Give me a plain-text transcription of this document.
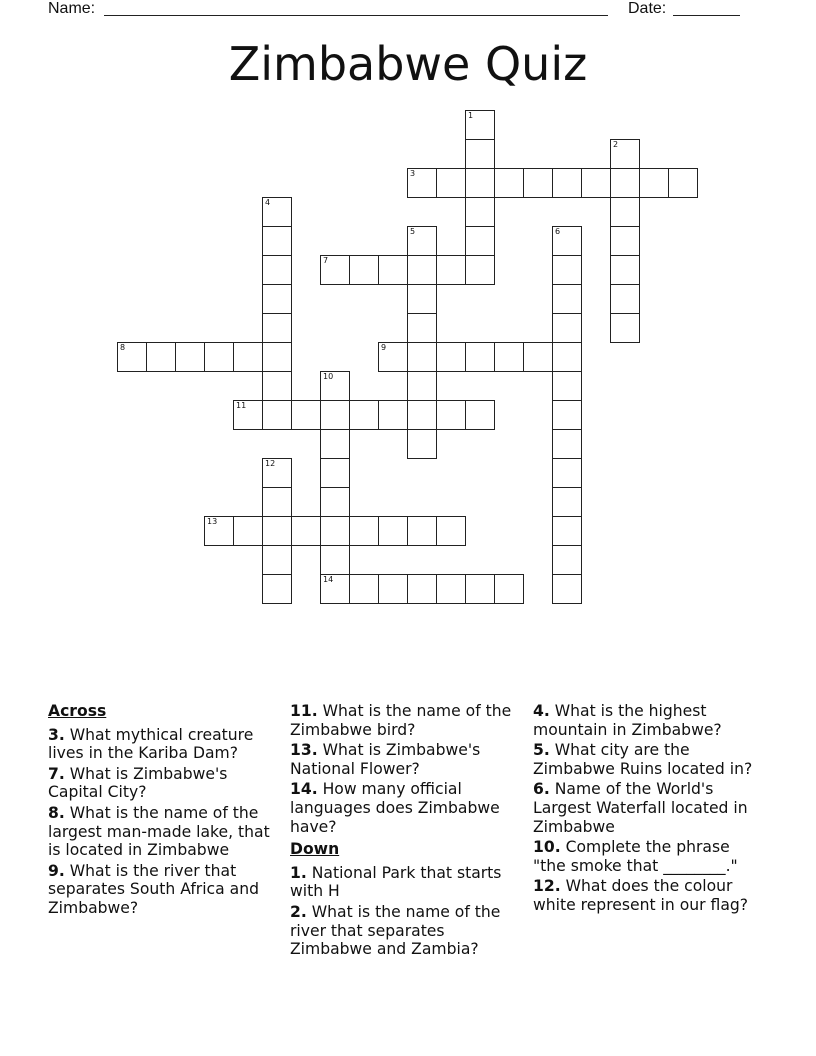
Name:	Date:
Zimbabwe Quiz
1
2
3
4
5	6
7
8	9
10
14
11
12
13
Across
3. What mythical creature lives in the Kariba Dam?
7. What is Zimbabwe's Capital City?
8. What is the name of the largest man-made lake, that is located in Zimbabwe
9. What is the river that separates South Africa and Zimbabwe?
11. What is the name of the Zimbabwe bird?
13. What is Zimbabwe's National Flower?
14. How many official languages does Zimbabwe have?
Down
1. National Park that starts with H
2. What is the name of the river that separates Zimbabwe and Zambia?
4. What is the highest mountain in Zimbabwe?
5. What city are the Zimbabwe Ruins located in?
6. Name of the World's Largest Waterfall located in Zimbabwe
10. Complete the phrase "the smoke that ________."
12. What does the colour white represent in our flag?
